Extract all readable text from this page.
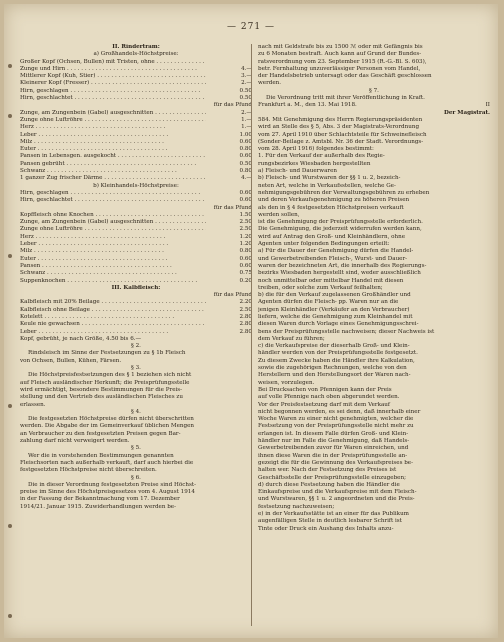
— 271 —
II. Rindertram:
a) Großhandels-Höchstpreise:
Großer Kopf (Ochsen, Bullen) mit Tristen, ohne . . .
Zunge und Hirn . . .	4.—
Mittlerer Kopf (Kuh, Stier) . . .	3.—
Kleinerer Kopf (Fresser) . . .	2.—
Hirn, geschlagen . . .	0.50
Hirn, geschlachtet . . .	0.50
für das Pfund
Zunge, am Zungenbein (Gabel) ausgeschnitten . . .	2.—
Zunge ohne Luftröhre . . .	1.—
Herz . . .	1.—
Leber . . .	1.00
Milz . . .	0.60
Euter . . .	0.80
Pansen in Lebensgen. ausgekocht . . .	0.60
Pansen gebrüht . . .	0.50
Schwanz . . .	0.80
1 ganzer Zug frischer Därme . . .	4.—
b) Kleinhandels-Höchstpreise:
Hirn, geschlagen . . .	0.60
Hirn, geschlachtet . . .	0.60
für das Pfund
Kopffleisch ohne Knochen . . .	1.50
Zunge, am Zungenbein (Gabel) ausgeschnitten . . .	2.50
Zunge ohne Luftröhre . . .	2.50
Herz . . .	1.20
Leber . . .	1.20
Milz . . .	0.80
Euter . . .	0.60
Pansen . . .	0.60
Schwanz . . .	0.75
Suppenknochen . . .	0.20
III. Kalbfleisch:
für das Pfund
Kalbfleisch mit 20% Beilage . . .	2.20
Kalbfleisch ohne Beilage . . .	2.50
Kotelett . . .	2.80
Keule nie gewachsen . . .	2.80
Leber . . .	2.80
Kopf, gebrüht, je nach Größe, 4.50 bis 6.—
§ 2.
Rindsleisch im Sinne der Festsetzungen zu § 1b Fleisch
von Ochsen, Bullen, Kühen, Färsen.
§ 3.
Die Höchstpreisfestsetzungen des § 1 beziehen sich nicht
auf Fleisch ausländischer Herkunft; die Preisprüfungsstelle
wird ermächtigt, besondere Bestimmungen für die Preis-
stellung und den Vertrieb des ausländischen Fleisches zu
erlassen.
§ 4.
Die festgesetzten Höchstpreise dürfen nicht überschritten
werden. Die Abgabe der im Gemeinverkauf üblichen Mengen
an Verbraucher zu den festgesetzten Preisen gegen Bar-
zahlung darf nicht verweigert werden.
§ 5.
Wer die in vorstehenden Bestimmungen genannten
Fleischsorten nach außerhalb verkauft, darf auch hierbei die
festgesetzten Höchstpreise nicht überschreiten.
§ 6.
Die in dieser Verordnung festgesetzten Preise sind Höchst-
preise im Sinne des Höchstpreisgesetzes vom 4. August 1914
in der Fassung der Bekanntmachung vom 17. Dezember
1914/21. Januar 1915. Zuwiderhandlungen werden be-
nach mit Geldstrafe bis zu 1500 ℳ oder mit Gefängnis bis
zu 6 Monaten bestraft. Auch kann auf Grund der Bundes-
ratsverordnung vom 23. September 1915 (R.-G.-Bl. S. 603),
betr. Fernhaltung unzuverlässiger Personen vom Handel,
der Handelsbetrieb untersagt oder das Geschäft geschlossen
werden.
§ 7.
Die Verordnung tritt mit ihrer Veröffentlichung in Kraft.
Frankfurt a. M., den 13. Mai 1918.	II
Der Magistrat.
584. Mit Genehmigung des Herrn Regierungspräsidenten
wird an Stelle des § 5, Abs. 3 der Magistrats-Verordnung
vom 27. April 1910 über Schlachtsteile für Schweinefleisch
(Sonder-Beilage z. Amtsbl. Nr. 36 der Stadt. Verordnungs-
vom 28. April 1916) folgendes bestimmt:
1. Für den Verkauf der außerhalb des Regie-
rungsbezirkes Wiesbaden hergestellten
a) Fleisch- und Dauerwaren
b) Fleisch- und Wurstwaren der §§ 1 u. 2, bezeich-
neten Art, welche in Verkaufsstellen, welche Ge-
nehmigungsgebühren der Verwaltungsgebühren zu erheben
und deren Verkaufsgenehmigung zu höheren Preisen
als den in § 4 festgesetzten Höchstpreisen verkauft
werden sollen,
ist die Genehmigung der Preisprüfungsstelle erforderlich.
Die Genehmigung, die jederzeit widerrufen werden kann,
wird auf Antrag den Groß- und Kleinhändlern, ohne
Agenten unter folgenden Bedingungen erteilt:
a) Für die Dauer der Genehmigung dürfen die Handel-
und Gewerbetreibenden Fleisch-, Wurst- und Dauer-
waren der bezeichneten Art, die innerhalb des Regierungs-
bezirks Wiesbaden hergestellt sind, weder ausschließlich
noch unmittelbar oder mittelbar Handel mit diesen
treiben, oder solche zum Verkauf feilhalten;
b) die für den Verkauf zugelassenen Großhändler und
Agenten dürfen die Fleisch- pp. Waren nur an die
jenigen Kleinhändler (Verkäufer an den Verbraucher)
liefern, welche die Genehmigung zum Kleinhandel mit
diesen Waren durch Vorlage eines Genehmigungsschrei-
bens der Preisprüfungsstelle nachweisen; dieser Nachweis ist
dem Verkauf zu führen;
c) die Verkaufspreise der dieserhalb Groß- und Klein-
händler werden von der Preisprüfungsstelle festgesetzt.
Zu diesem Zwecke haben die Händler ihre Kalkulation,
sowie die zugehörigen Rechnungen, welche von den
Herstellern und den Herstellungsort der Waren nach-
weisen, vorzulegen.
Bei Drucksachen von Pfennigen kann der Preis
auf volle Pfennige nach oben abgerundet werden.
Vor der Preisfestsetzung darf mit dem Verkauf
nicht begonnen werden, es sei denn, daß innerhalb einer
Woche Waren zu einer nicht genehmigten, welcher die
Festsetzung von der Preisprüfungsstelle nicht mehr zu
erlangen ist. In diesem Falle dürfen Groß- und Klein-
händler nur im Falle die Genehmigung, daß Handels-
Gewerbetreibenden zuvor für Waren einreichen, und
ihnen diese Waren die in der Preisprüfungsstelle an-
gezeigt die für die Gewinnung des Verkaufspreises be-
halten wer. Nach der Festsetzung des Preises ist
Geschäftsstelle der Preisprüfungsstelle einzugeben;
d) durch diese Festsetzung haben die Händler die
Einkaufspreise und die Verkaufspreise mit dem Fleisch-
und Wurstwaren, §§ 1 u. 2 angeordneten und die Preis-
festsetzung nachzuweisen;
e) in der Verkaufsstätte ist an einer für das Publikum
augenfälligen Stelle in deutlich lesbarer Schrift ist
Tinte oder Druck ein Aushang des Inhalts anzu-
